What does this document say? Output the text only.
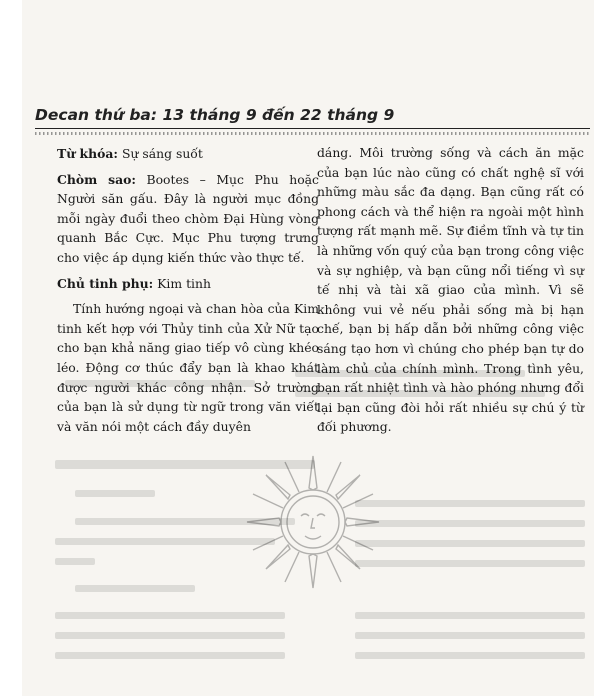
Decan thứ ba: 13 tháng 9 đến 22 tháng 9

Từ khóa: Sự sáng suốt

Chòm sao: Bootes – Mục Phu hoặc Người săn gấu. Đây là người mục đồng mỗi ngày đuổi theo chòm Đại Hùng vòng quanh Bắc Cực. Mục Phu tượng trưng cho việc áp dụng kiến thức vào thực tế.

Chủ tinh phụ: Kim tinh

Tính hướng ngoại và chan hòa của Kim tinh kết hợp với Thủy tinh của Xử Nữ tạo cho bạn khả năng giao tiếp vô cùng khéo léo. Động cơ thúc đẩy bạn là khao khát được người khác công nhận. Sở trường của bạn là sử dụng từ ngữ trong văn viết và văn nói một cách đầy duyên

dáng. Môi trường sống và cách ăn mặc của bạn lúc nào cũng có chất nghệ sĩ với những màu sắc đa dạng. Bạn cũng rất có phong cách và thể hiện ra ngoài một hình tượng rất mạnh mẽ. Sự điềm tĩnh và tự tin là những vốn quý của bạn trong công việc và sự nghiệp, và bạn cũng nổi tiếng vì sự tế nhị và tài xã giao của mình. Vì sẽ không vui vẻ nếu phải sống mà bị hạn chế, bạn bị hấp dẫn bởi những công việc sáng tạo hơn vì chúng cho phép bạn tự do làm chủ của chính mình. Trong tình yêu, bạn rất nhiệt tình và hào phóng nhưng đổi lại bạn cũng đòi hỏi rất nhiều sự chú ý từ đối phương.
